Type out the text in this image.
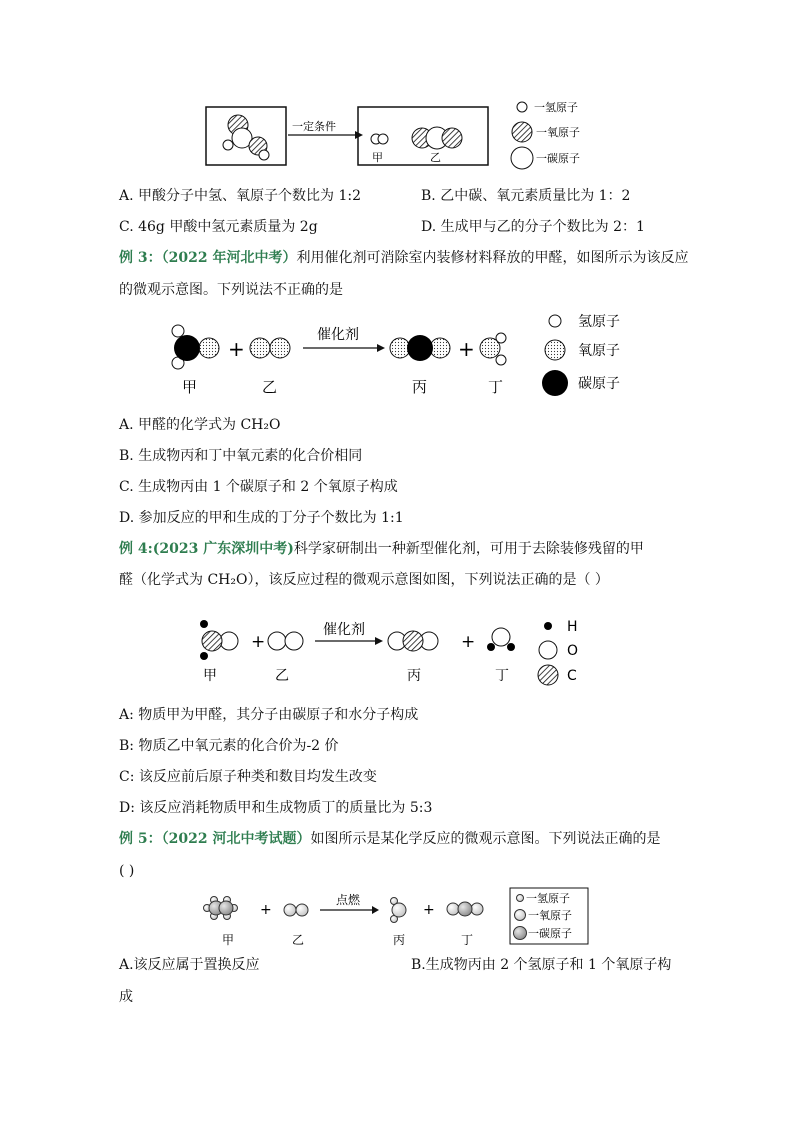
一定条件
甲	乙
一氢原子
一氧原子
一碳原子
A. 甲酸分子中氢、氧原子个数比为 1:2	B. 乙中碳、氧元素质量比为 1：2
C. 46g 甲酸中氢元素质量为 2g	D. 生成甲与乙的分子个数比为 2：1
例 3：（2022 年河北中考）利用催化剂可消除室内装修材料释放的甲醛，如图所示为该反应
的微观示意图。下列说法不正确的是
甲
+
乙
催化剂
丙
+
丁
氢原子
氧原子
碳原子
A. 甲醛的化学式为 CH₂O
B. 生成物丙和丁中氧元素的化合价相同
C. 生成物丙由 1 个碳原子和 2 个氧原子构成
D. 参加反应的甲和生成的丁分子个数比为 1:1
例 4:(2023 广东深圳中考)科学家研制出一种新型催化剂，可用于去除装修残留的甲
醛（化学式为 CH₂O），该反应过程的微观示意图如图，下列说法正确的是（ ）
甲
+
乙
催化剂
丙
+
丁
H
O
C
A: 物质甲为甲醛，其分子由碳原子和水分子构成
B: 物质乙中氧元素的化合价为-2 价
C: 该反应前后原子种类和数目均发生改变
D: 该反应消耗物质甲和生成物质丁的质量比为 5:3
例 5：（2022 河北中考试题）如图所示是某化学反应的微观示意图。下列说法正确的是
( )
甲
+
乙
点燃
丙
+
丁
一氢原子
一氧原子
一碳原子
A.该反应属于置换反应	B.生成物丙由 2 个氢原子和 1 个氧原子构
成
